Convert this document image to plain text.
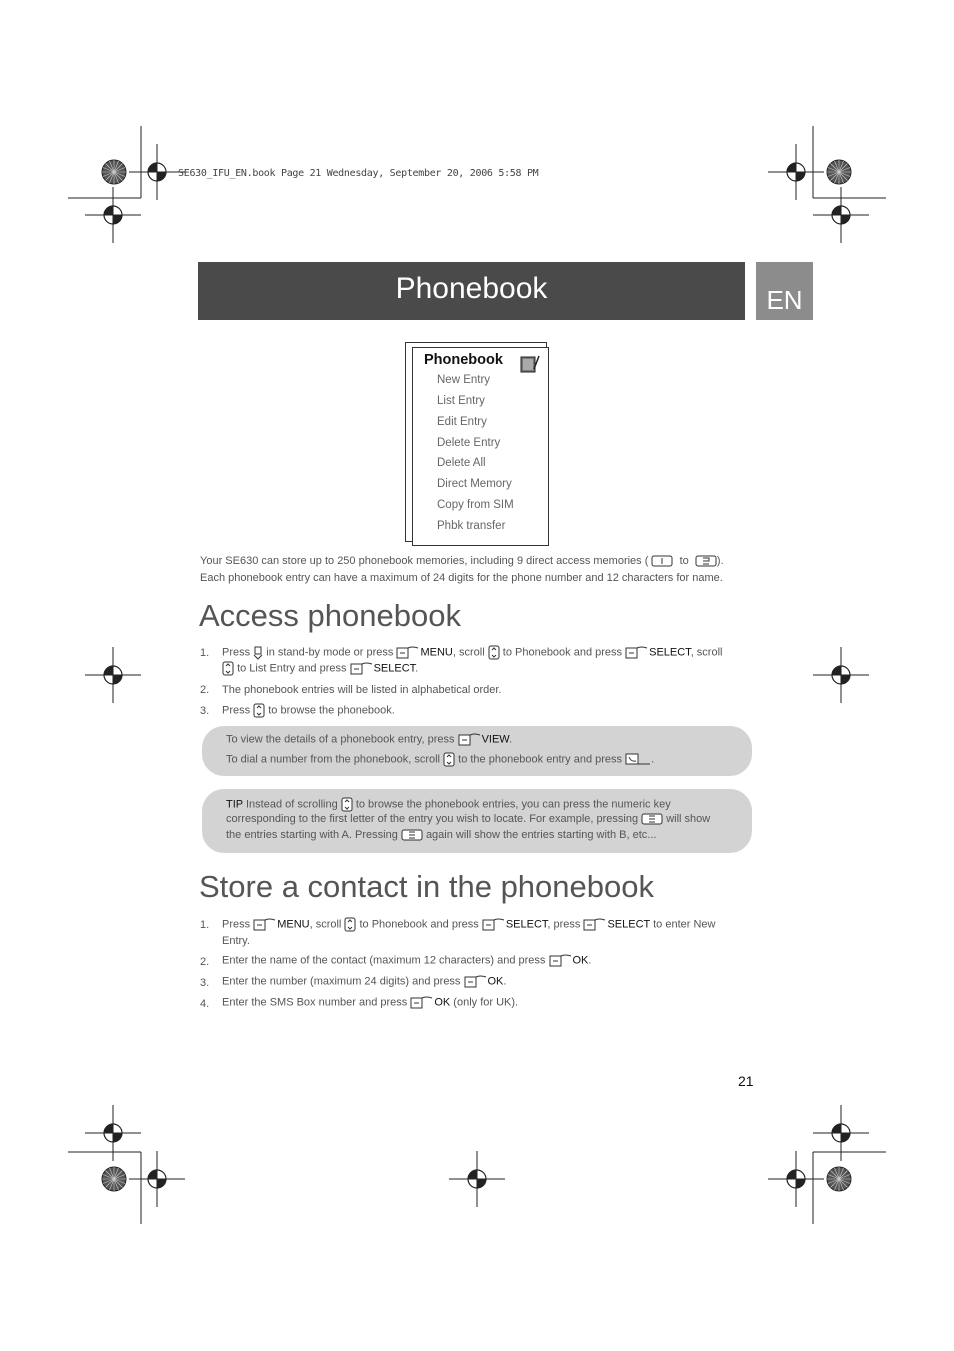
SE630_IFU_EN.book Page 21 Wednesday, September 20, 2006 5:58 PM
Phonebook	EN
Phonebook
New Entry
List Entry
Edit Entry
Delete Entry
Delete All
Direct Memory
Copy from SIM
Phbk transfer
Your SE630 can store up to 250 phonebook memories, including 9 direct access memories (	to	).
Each phonebook entry can have a maximum of 24 digits for the phone number and 12 characters for name.
Access phonebook
1. Press in stand-by mode or press MENU, scroll to Phonebook and press SELECT, scroll
to List Entry and press SELECT.
2. The phonebook entries will be listed in alphabetical order.
3. Press to browse the phonebook.
To view the details of a phonebook entry, press VIEW.
To dial a number from the phonebook, scroll to the phonebook entry and press	.
TIP Instead of scrolling to browse the phonebook entries, you can press the numeric key
corresponding to the first letter of the entry you wish to locate. For example, pressing	will show
the entries starting with A. Pressing	again will show the entries starting with B, etc...
Store a contact in the phonebook
1. Press MENU, scroll to Phonebook and press SELECT, press SELECT to enter New
Entry.
2. Enter the name of the contact (maximum 12 characters) and press OK.
3. Enter the number (maximum 24 digits) and press OK.
4. Enter the SMS Box number and press OK (only for UK).
21
